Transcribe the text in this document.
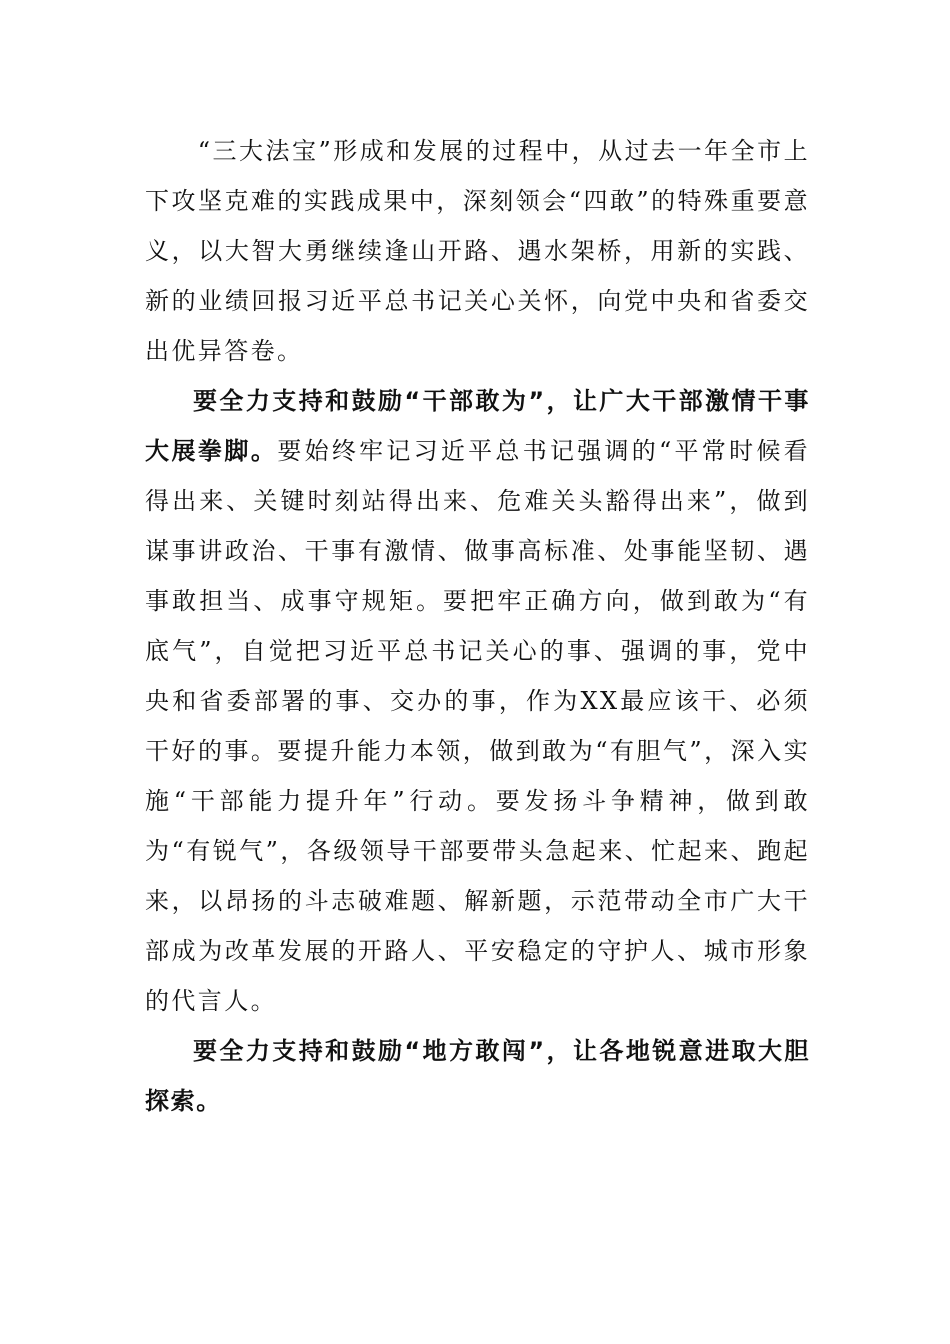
“三大法宝”形成和发展的过程中，从过去一年全市上下攻坚克难的实践成果中，深刻领会“四敢”的特殊重要意义，以大智大勇继续逢山开路、遇水架桥，用新的实践、新的业绩回报习近平总书记关心关怀，向党中央和省委交出优异答卷。

要全力支持和鼓励“干部敢为”，让广大干部激情干事大展拳脚。要始终牢记习近平总书记强调的“平常时候看得出来、关键时刻站得出来、危难关头豁得出来”，做到谋事讲政治、干事有激情、做事高标准、处事能坚韧、遇事敢担当、成事守规矩。要把牢正确方向，做到敢为“有底气”，自觉把习近平总书记关心的事、强调的事，党中央和省委部署的事、交办的事，作为XX最应该干、必须干好的事。要提升能力本领，做到敢为“有胆气”，深入实施“干部能力提升年”行动。要发扬斗争精神，做到敢为“有锐气”，各级领导干部要带头急起来、忙起来、跑起来，以昂扬的斗志破难题、解新题，示范带动全市广大干部成为改革发展的开路人、平安稳定的守护人、城市形象的代言人。

要全力支持和鼓励“地方敢闯”，让各地锐意进取大胆探索。
